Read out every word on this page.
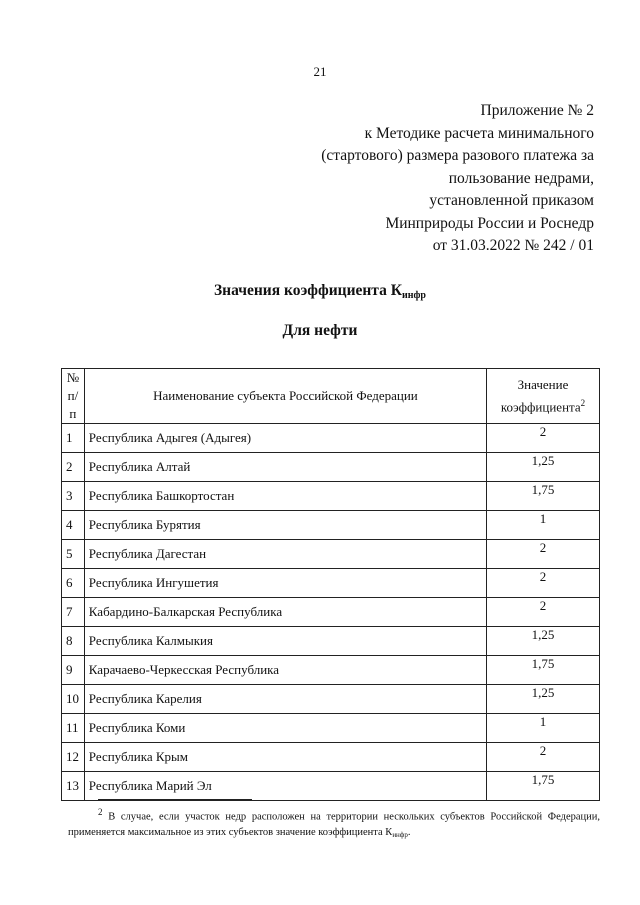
21
Приложение № 2
к Методике расчета минимального
(стартового) размера разового платежа за
пользование недрами,
установленной приказом
Минприроды России и Роснедр
от 31.03.2022 № 242 / 01
Значения коэффициента $К_{инфр}$
Для нефти
№
п/п	Наименование субъекта Российской Федерации	Значение
коэффициента$^2$
1	Республика Адыгея (Адыгея)	2
2	Республика Алтай	1,25
3	Республика Башкортостан	1,75
4	Республика Бурятия	1
5	Республика Дагестан	2
6	Республика Ингушетия	2
7	Кабардино-Балкарская Республика	2
8	Республика Калмыкия	1,25
9	Карачаево-Черкесская Республика	1,75
10	Республика Карелия	1,25
11	Республика Коми	1
12	Республика Крым	2
13	Республика Марий Эл	1,75
$^2$ В случае, если участок недр расположен на территории нескольких субъектов Российской Федерации, применяется максимальное из этих субъектов значение коэффициента $К_{инфр}$.
